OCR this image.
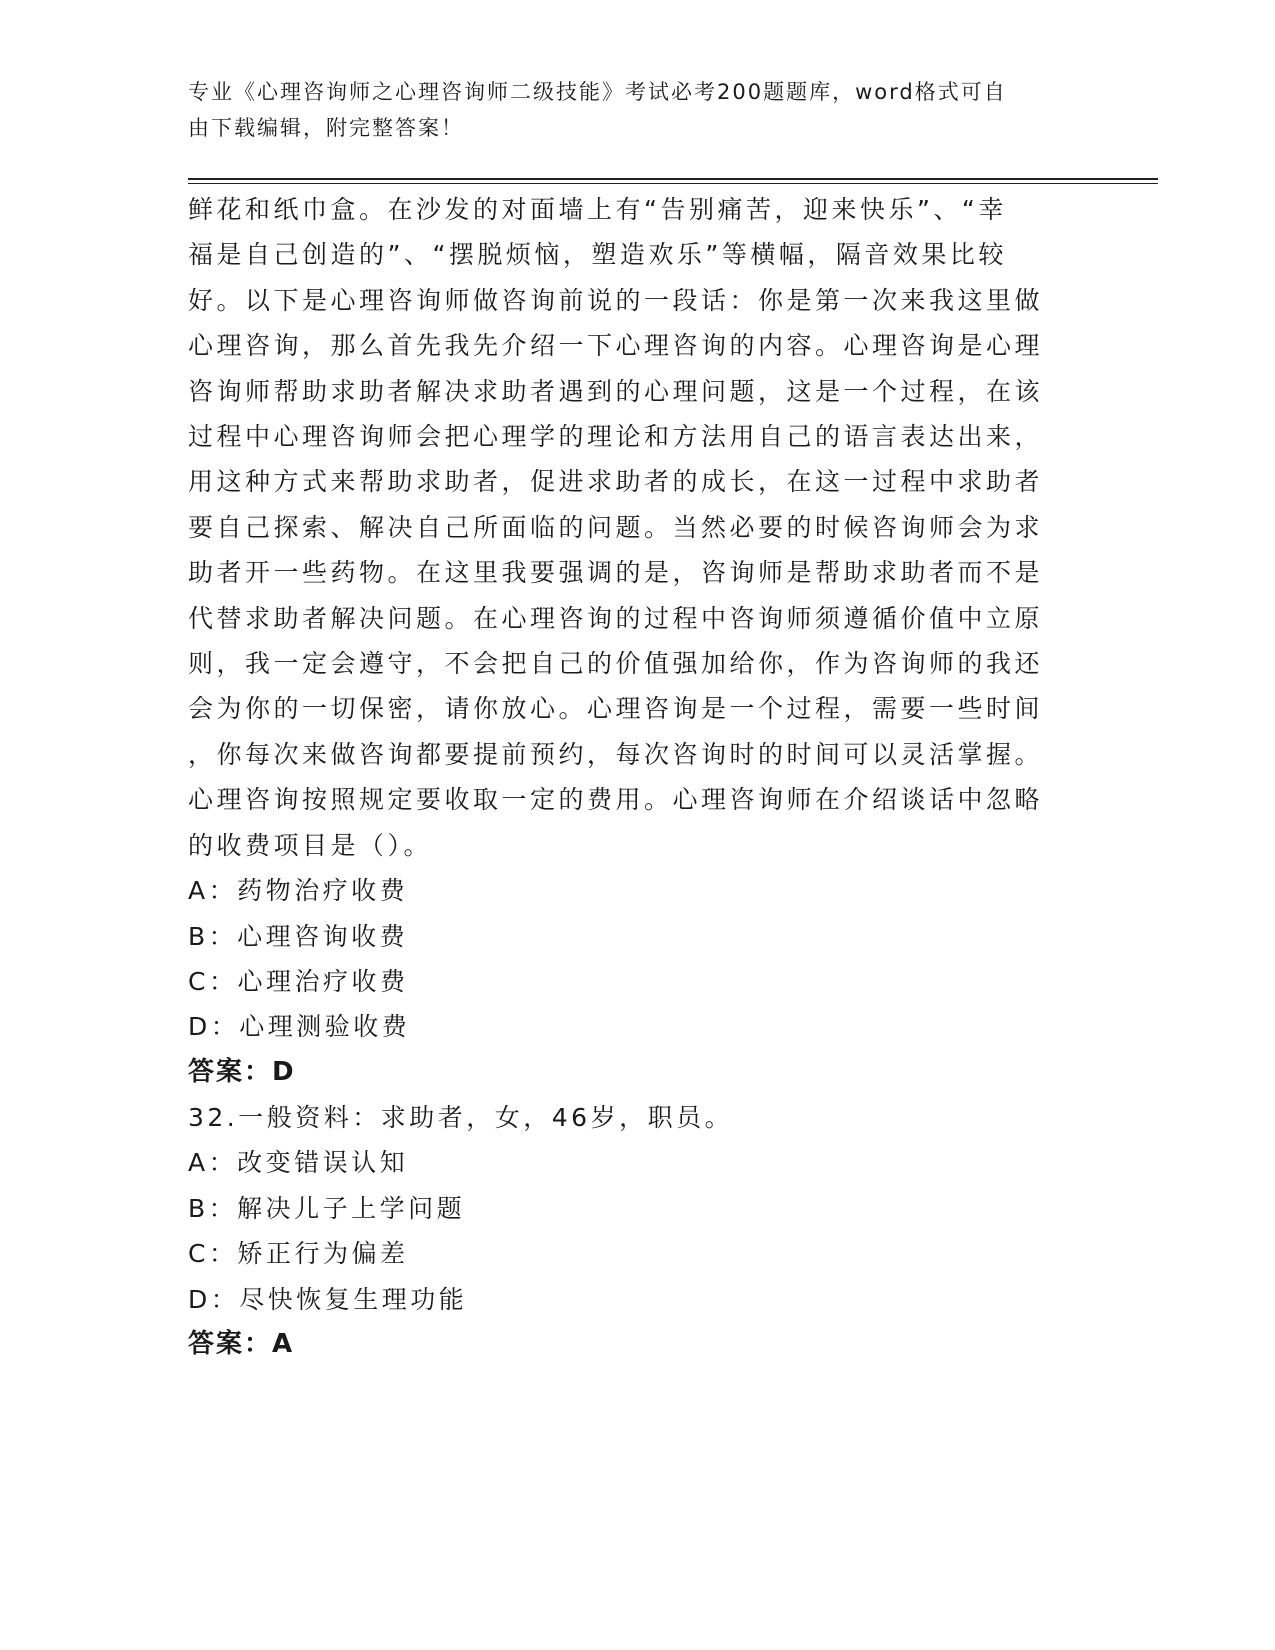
专业《心理咨询师之心理咨询师二级技能》考试必考200题题库，word格式可自
由下载编辑，附完整答案！
鲜花和纸巾盒。在沙发的对面墙上有“告别痛苦，迎来快乐”、“幸
福是自己创造的”、“摆脱烦恼，塑造欢乐”等横幅，隔音效果比较
好。以下是心理咨询师做咨询前说的一段话：你是第一次来我这里做
心理咨询，那么首先我先介绍一下心理咨询的内容。心理咨询是心理
咨询师帮助求助者解决求助者遇到的心理问题，这是一个过程，在该
过程中心理咨询师会把心理学的理论和方法用自己的语言表达出来，
用这种方式来帮助求助者，促进求助者的成长，在这一过程中求助者
要自己探索、解决自己所面临的问题。当然必要的时候咨询师会为求
助者开一些药物。在这里我要强调的是，咨询师是帮助求助者而不是
代替求助者解决问题。在心理咨询的过程中咨询师须遵循价值中立原
则，我一定会遵守，不会把自己的价值强加给你，作为咨询师的我还
会为你的一切保密，请你放心。心理咨询是一个过程，需要一些时间
，你每次来做咨询都要提前预约，每次咨询时的时间可以灵活掌握。
心理咨询按照规定要收取一定的费用。心理咨询师在介绍谈话中忽略
的收费项目是（）。
A：药物治疗收费
B：心理咨询收费
C：心理治疗收费
D：心理测验收费
答案：D
32.一般资料：求助者，女，46岁，职员。
A：改变错误认知
B：解决儿子上学问题
C：矫正行为偏差
D：尽快恢复生理功能
答案：A
